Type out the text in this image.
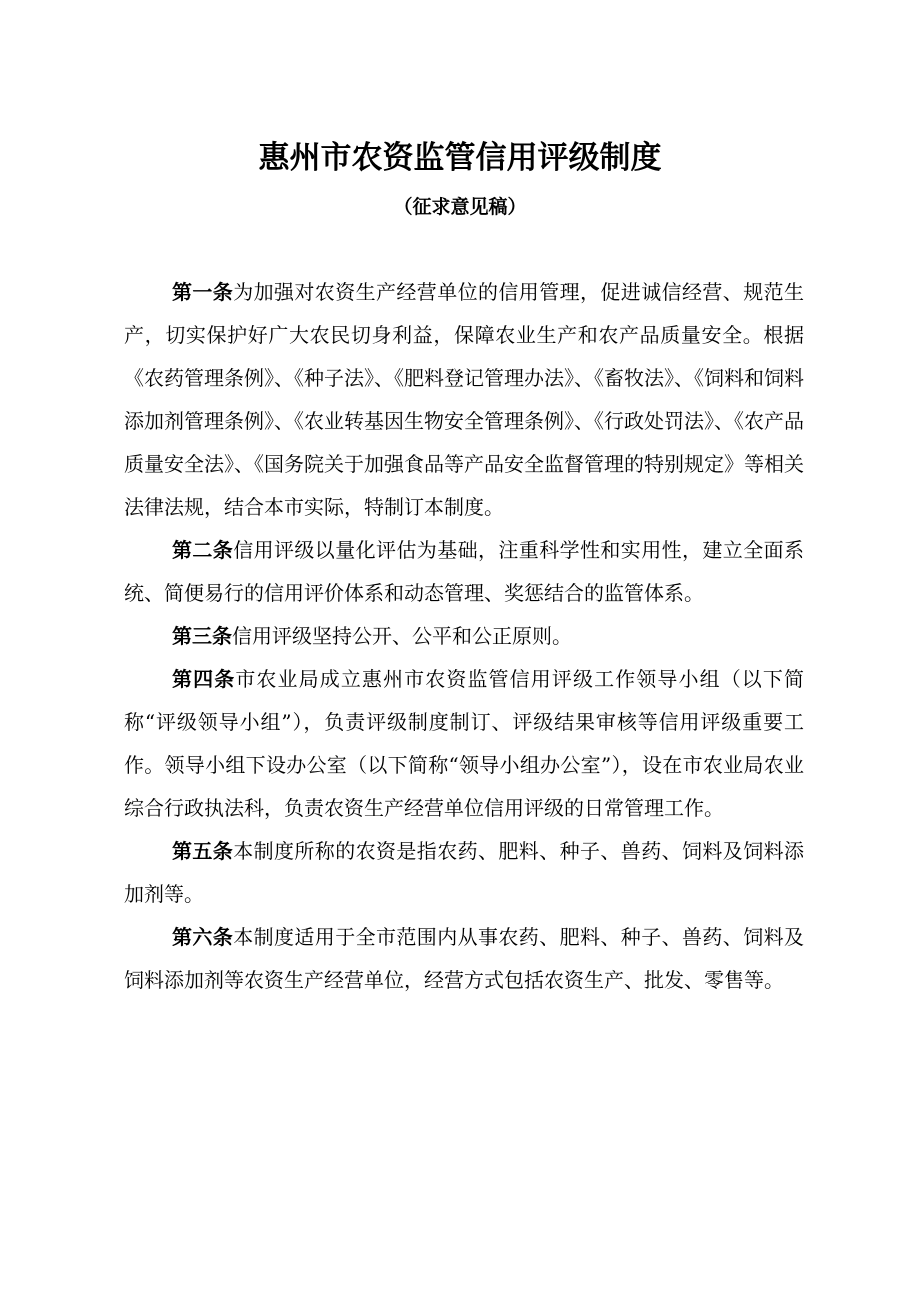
惠州市农资监管信用评级制度
（征求意见稿）

第一条为加强对农资生产经营单位的信用管理，促进诚信经营、规范生产，切实保护好广大农民切身利益，保障农业生产和农产品质量安全。根据《农药管理条例》、《种子法》、《肥料登记管理办法》、《畜牧法》、《饲料和饲料添加剂管理条例》、《农业转基因生物安全管理条例》、《行政处罚法》、《农产品质量安全法》、《国务院关于加强食品等产品安全监督管理的特别规定》等相关法律法规，结合本市实际，特制订本制度。

第二条信用评级以量化评估为基础，注重科学性和实用性，建立全面系统、简便易行的信用评价体系和动态管理、奖惩结合的监管体系。

第三条信用评级坚持公开、公平和公正原则。

第四条市农业局成立惠州市农资监管信用评级工作领导小组（以下简称“评级领导小组”），负责评级制度制订、评级结果审核等信用评级重要工作。领导小组下设办公室（以下简称“领导小组办公室”），设在市农业局农业综合行政执法科，负责农资生产经营单位信用评级的日常管理工作。

第五条本制度所称的农资是指农药、肥料、种子、兽药、饲料及饲料添加剂等。

第六条本制度适用于全市范围内从事农药、肥料、种子、兽药、饲料及饲料添加剂等农资生产经营单位，经营方式包括农资生产、批发、零售等。
